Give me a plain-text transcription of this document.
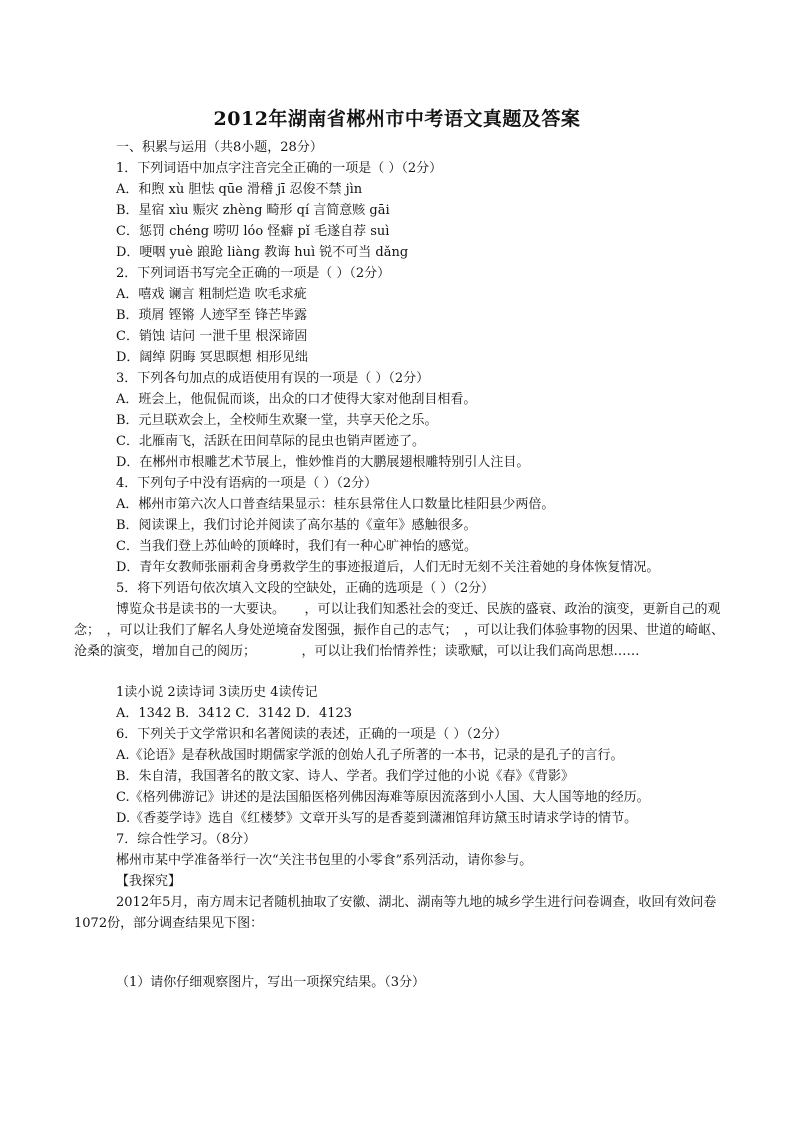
2012年湖南省郴州市中考语文真题及答案
一、积累与运用（共8小题，28分）
1．下列词语中加点字注音完全正确的一项是（ ）（2分）
A．和煦 xù 胆怯 qūe 滑稽 jī 忍俊不禁 jìn
B．星宿 xìu 赈灾 zhèng 畸形 qí 言简意赅 gāi
C．惩罚 chéng 唠叨 lóo 怪癖 pǐ 毛遂自荐 suì
D．哽咽 yuè 踉跄 liàng 教诲 huì 锐不可当 dǎng
2．下列词语书写完全正确的一项是（ ）（2分）
A．嘻戏 谰言 粗制烂造 吹毛求疵
B．琐屑 铿锵 人迹罕至 锋芒毕露
C．销蚀 诘问 一泄千里 根深谛固
D．阔绰 阴晦 冥思瞑想 相形见绌
3．下列各句加点的成语使用有误的一项是（ ）（2分）
A．班会上，他侃侃而谈，出众的口才使得大家对他刮目相看。
B．元旦联欢会上，全校师生欢聚一堂，共享天伦之乐。
C．北雁南飞，活跃在田间草际的昆虫也销声匿迹了。
D．在郴州市根雕艺术节展上，惟妙惟肖的大鹏展翅根雕特别引人注目。
4．下列句子中没有语病的一项是（ ）（2分）
A．郴州市第六次人口普查结果显示：桂东县常住人口数量比桂阳县少两倍。
B．阅读课上，我们讨论并阅读了高尔基的《童年》感触很多。
C．当我们登上苏仙岭的顶峰时，我们有一种心旷神怡的感觉。
D．青年女教师张丽莉舍身勇救学生的事迹报道后，人们无时无刻不关注着她的身体恢复情况。
5．将下列语句依次填入文段的空缺处，正确的选项是（ ）（2分）
博览众书是读书的一大要诀。　　，可以让我们知悉社会的变迁、民族的盛衰、政治的演变，更新自己的观念；　，可以让我们了解名人身处逆境奋发图强，振作自己的志气；　，可以让我们体验事物的因果、世道的崎岖、沧桑的演变，增加自己的阅历；　　　　，可以让我们怡情养性；读歌赋，可以让我们高尚思想……
1读小说 2读诗词 3读历史 4读传记
A．1342 B．3412 C．3142 D．4123
6．下列关于文学常识和名著阅读的表述，正确的一项是（ ）（2分）
A.《论语》是春秋战国时期儒家学派的创始人孔子所著的一本书，记录的是孔子的言行。
B．朱自清，我国著名的散文家、诗人、学者。我们学过他的小说《春》《背影》
C.《格列佛游记》讲述的是法国船医格列佛因海难等原因流落到小人国、大人国等地的经历。
D.《香菱学诗》选自《红楼梦》文章开头写的是香菱到潇湘馆拜访黛玉时请求学诗的情节。
7．综合性学习。（8分）
郴州市某中学准备举行一次“关注书包里的小零食”系列活动，请你参与。
【我探究】
2012年5月，南方周末记者随机抽取了安徽、湖北、湖南等九地的城乡学生进行问卷调查，收回有效问卷1072份，部分调查结果见下图：
（1）请你仔细观察图片，写出一项探究结果。（3分）
